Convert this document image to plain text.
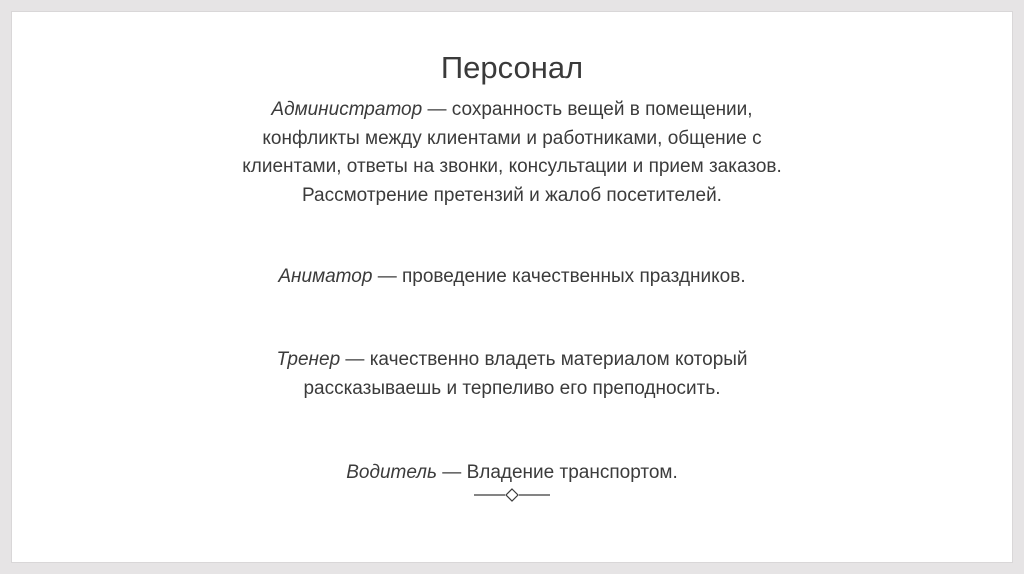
Персонал
Администратор — сохранность вещей в помещении, конфликты между клиентами и работниками, общение с клиентами, ответы на звонки, консультации и прием заказов. Рассмотрение претензий и жалоб посетителей.
Аниматор — проведение качественных праздников.
Тренер — качественно владеть материалом который рассказываешь и терпеливо его преподносить.
Водитель — Владение транспортом.
